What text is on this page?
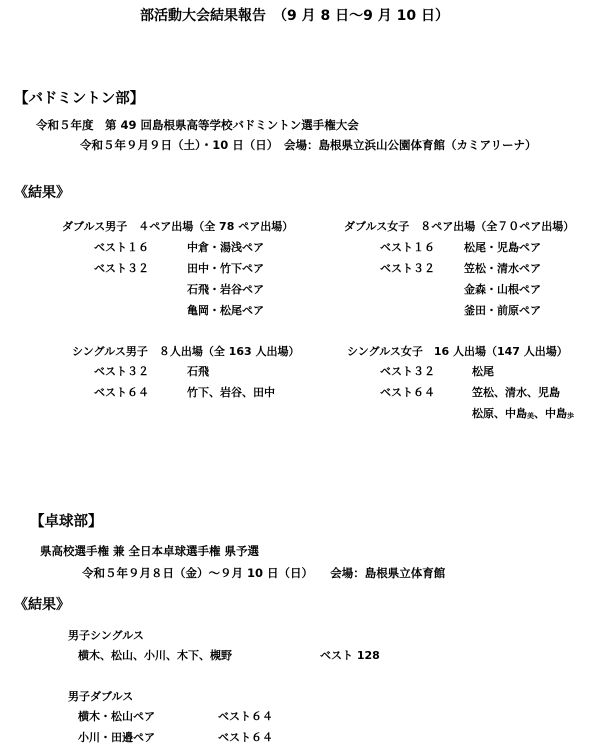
部活動大会結果報告　（9 月 8 日～9 月 10 日）
【バドミントン部】
令和５年度　第 49 回島根県高等学校バドミントン選手権大会
令和５年９月９日（土）・10 日（日）　会場：島根県立浜山公園体育館（カミアリーナ）
《結果》
ダブルス男子　４ペア出場（全 78 ペア出場）
ベスト１６	中倉・湯浅ペア
ベスト３２	田中・竹下ペア
石飛・岩谷ペア
亀岡・松尾ペア
ダブルス女子　８ペア出場（全７０ペア出場）
ベスト１６	松尾・児島ペア
ベスト３２	笠松・清水ペア
金森・山根ペア
釜田・前原ペア
シングルス男子　８人出場（全 163 人出場）
ベスト３２	石飛
ベスト６４	竹下、岩谷、田中
シングルス女子　16 人出場（147 人出場）
ベスト３２	松尾
ベスト６４	笠松、清水、児島
松原、中島$_美$、中島$_歩$
【卓球部】
県高校選手権 兼 全日本卓球選手権 県予選
令和５年９月８日（金）～９月 10 日（日）　　会場：島根県立体育館
《結果》
男子シングルス
横木、松山、小川、木下、槻野	ベスト 128
男子ダブルス
横木・松山ペア	ベスト６４
小川・田邉ペア	ベスト６４
